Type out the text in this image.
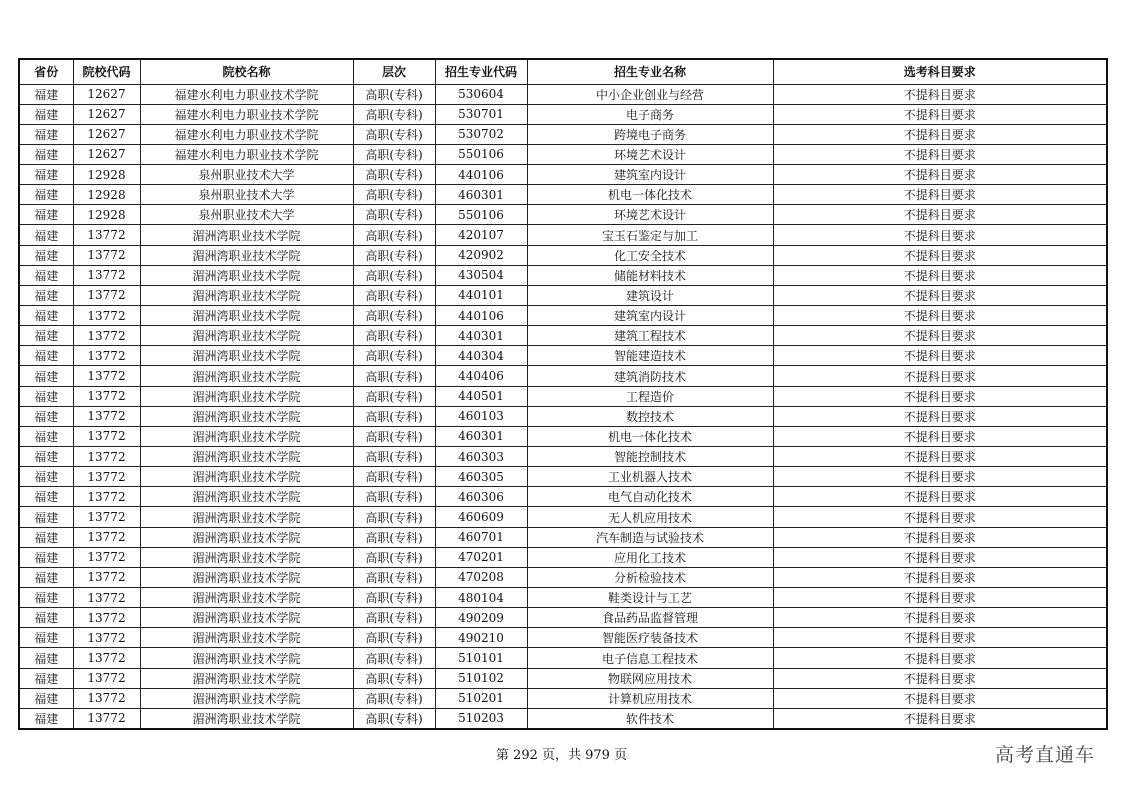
省份	院校代码	院校名称	层次	招生专业代码	招生专业名称	选考科目要求
福建	12627	福建水利电力职业技术学院	高职(专科)	530604	中小企业创业与经营	不提科目要求
福建	12627	福建水利电力职业技术学院	高职(专科)	530701	电子商务	不提科目要求
福建	12627	福建水利电力职业技术学院	高职(专科)	530702	跨境电子商务	不提科目要求
福建	12627	福建水利电力职业技术学院	高职(专科)	550106	环境艺术设计	不提科目要求
福建	12928	泉州职业技术大学	高职(专科)	440106	建筑室内设计	不提科目要求
福建	12928	泉州职业技术大学	高职(专科)	460301	机电一体化技术	不提科目要求
福建	12928	泉州职业技术大学	高职(专科)	550106	环境艺术设计	不提科目要求
福建	13772	湄洲湾职业技术学院	高职(专科)	420107	宝玉石鉴定与加工	不提科目要求
福建	13772	湄洲湾职业技术学院	高职(专科)	420902	化工安全技术	不提科目要求
福建	13772	湄洲湾职业技术学院	高职(专科)	430504	储能材料技术	不提科目要求
福建	13772	湄洲湾职业技术学院	高职(专科)	440101	建筑设计	不提科目要求
福建	13772	湄洲湾职业技术学院	高职(专科)	440106	建筑室内设计	不提科目要求
福建	13772	湄洲湾职业技术学院	高职(专科)	440301	建筑工程技术	不提科目要求
福建	13772	湄洲湾职业技术学院	高职(专科)	440304	智能建造技术	不提科目要求
福建	13772	湄洲湾职业技术学院	高职(专科)	440406	建筑消防技术	不提科目要求
福建	13772	湄洲湾职业技术学院	高职(专科)	440501	工程造价	不提科目要求
福建	13772	湄洲湾职业技术学院	高职(专科)	460103	数控技术	不提科目要求
福建	13772	湄洲湾职业技术学院	高职(专科)	460301	机电一体化技术	不提科目要求
福建	13772	湄洲湾职业技术学院	高职(专科)	460303	智能控制技术	不提科目要求
福建	13772	湄洲湾职业技术学院	高职(专科)	460305	工业机器人技术	不提科目要求
福建	13772	湄洲湾职业技术学院	高职(专科)	460306	电气自动化技术	不提科目要求
福建	13772	湄洲湾职业技术学院	高职(专科)	460609	无人机应用技术	不提科目要求
福建	13772	湄洲湾职业技术学院	高职(专科)	460701	汽车制造与试验技术	不提科目要求
福建	13772	湄洲湾职业技术学院	高职(专科)	470201	应用化工技术	不提科目要求
福建	13772	湄洲湾职业技术学院	高职(专科)	470208	分析检验技术	不提科目要求
福建	13772	湄洲湾职业技术学院	高职(专科)	480104	鞋类设计与工艺	不提科目要求
福建	13772	湄洲湾职业技术学院	高职(专科)	490209	食品药品监督管理	不提科目要求
福建	13772	湄洲湾职业技术学院	高职(专科)	490210	智能医疗装备技术	不提科目要求
福建	13772	湄洲湾职业技术学院	高职(专科)	510101	电子信息工程技术	不提科目要求
福建	13772	湄洲湾职业技术学院	高职(专科)	510102	物联网应用技术	不提科目要求
福建	13772	湄洲湾职业技术学院	高职(专科)	510201	计算机应用技术	不提科目要求
福建	13772	湄洲湾职业技术学院	高职(专科)	510203	软件技术	不提科目要求
第 292 页，共 979 页	高考直通车
